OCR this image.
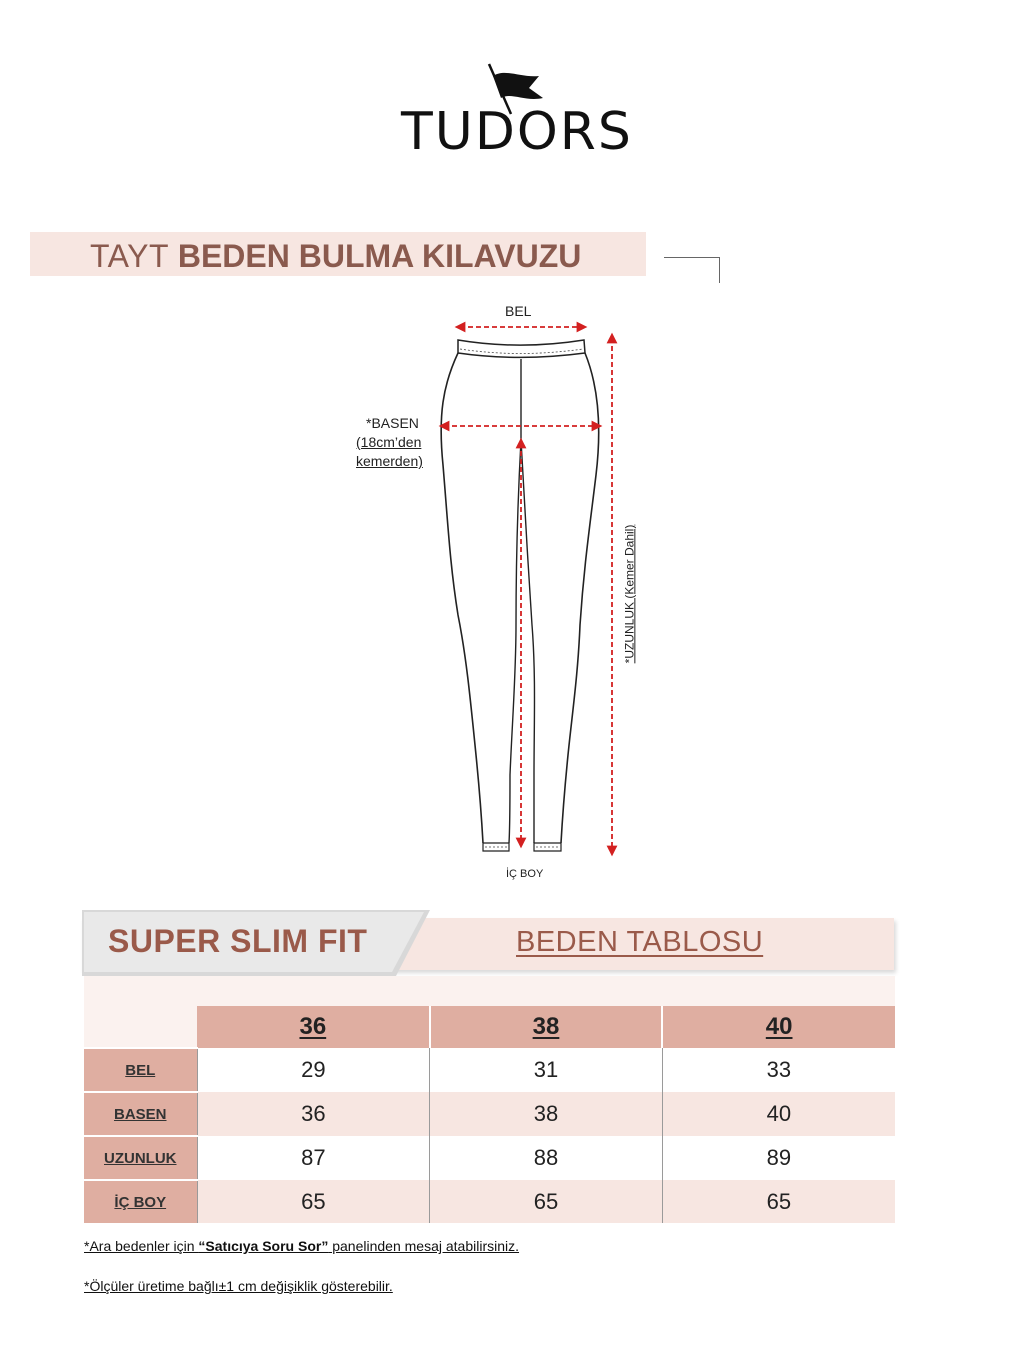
TUDORS
TAYT BEDEN BULMA KILAVUZU
BEL
*BASEN
(18cm’den
kemerden)
*UZUNLUK (Kemer Dahil)
İÇ BOY
SUPER SLIM FIT	BEDEN TABLOSU
	36	38	40
BEL	29	31	33
BASEN	36	38	40
UZUNLUK	87	88	89
İÇ BOY	65	65	65
*Ara bedenler için “Satıcıya Soru Sor” panelinden mesaj atabilirsiniz.
*Ölçüler üretime bağlı±1 cm değişiklik gösterebilir.
